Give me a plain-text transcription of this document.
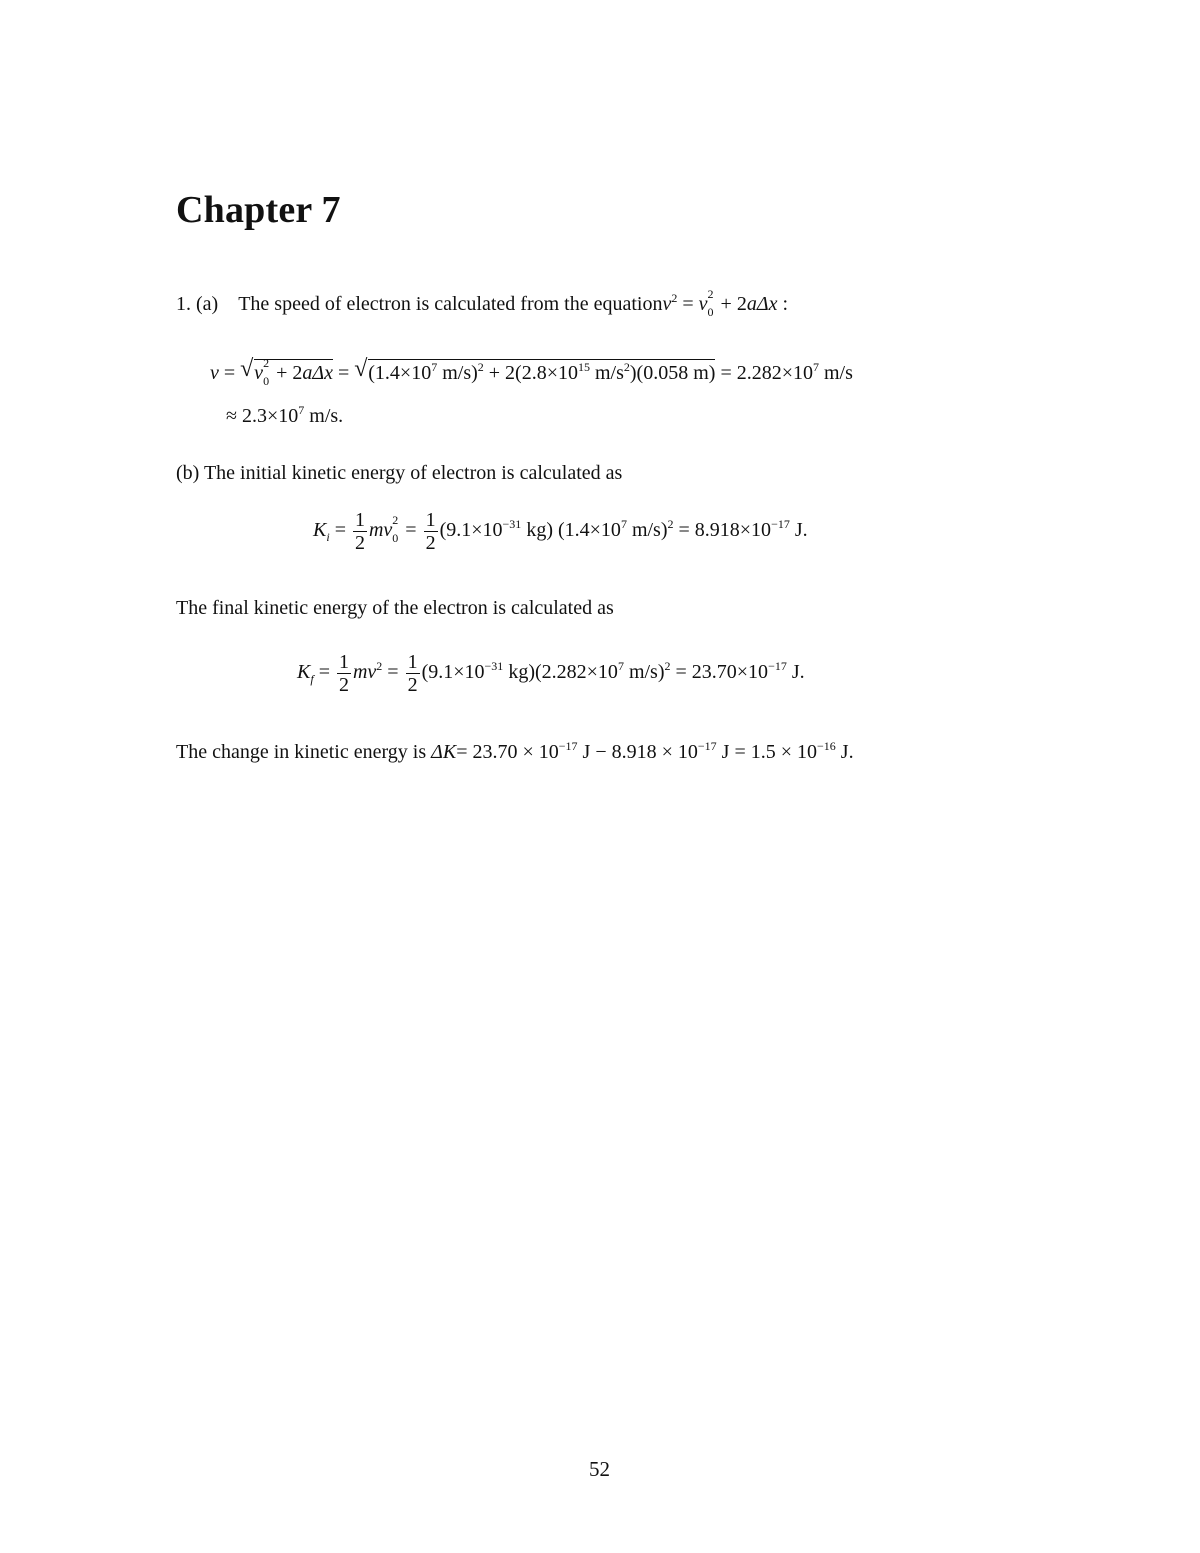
Chapter 7
1. (a) The speed of electron is calculated from the equationv$^2$ = v 2
0 + 2aΔx :
v = √ v 2
0 + 2aΔx = √ ($1.4\times 10^7$ $m/s)^2 + 2(2.8\times 10^{15}$ $m/s^2)(0.058$ $m) = 2.282\times 10^7$ m/s
≈ $2.3\times 10^7$ m/s.
(b) The initial kinetic energy of electron is calculated as
$K_i = \frac{1}{2}$ mv 2
$0 = \frac{1}{2} (9.1\times 10^{-31}$ kg) ($1.4\times 10^7$ $m/s)^2 = 8.918\times 10^{-17}$ J.
The final kinetic energy of the electron is calculated as
$K_f = \frac{1}{2} mv^2 = \frac{1}{2} (9.1\times 10^{-31}$ $kg)(2.282\times 10^7$ $m/s)^2 = 23.70\times 10^{-17}$ J.
The change in kinetic energy is $\Delta K= 23.70 \times 10^{-17}$ $J - 8.918 \times 10^{-17}$ $J = 1.5 \times 10^{-16}$ J.
52
